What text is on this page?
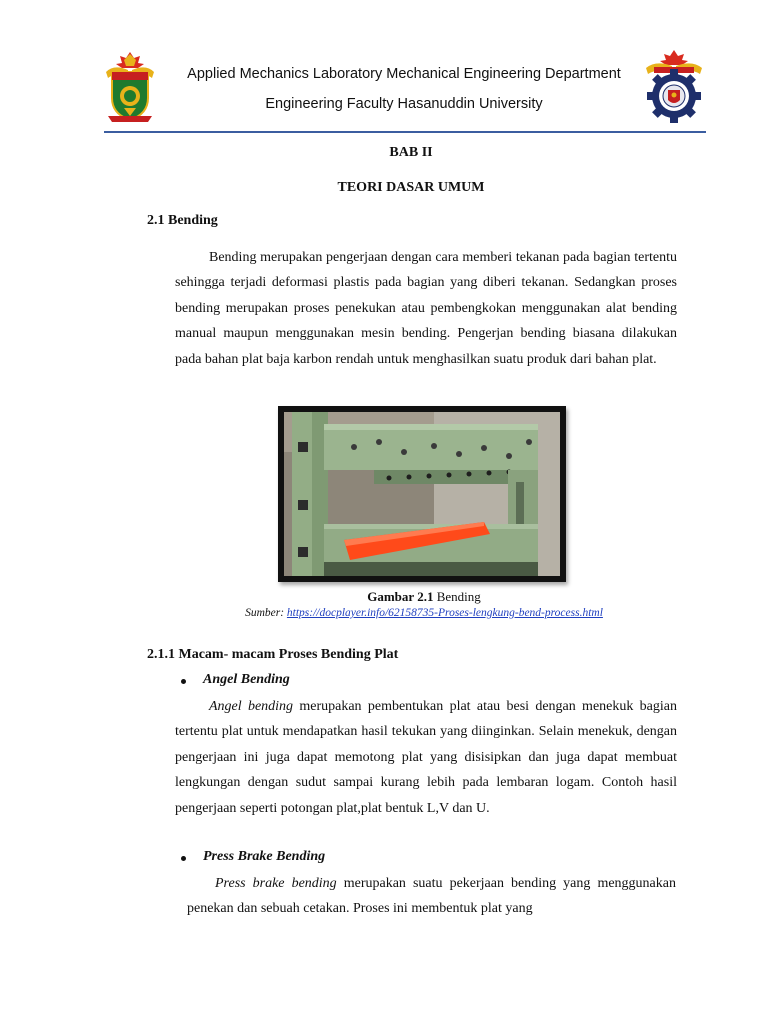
Applied Mechanics Laboratory Mechanical Engineering Department
Engineering Faculty Hasanuddin University
BAB II
TEORI DASAR UMUM
2.1 Bending
Bending merupakan pengerjaan dengan cara memberi tekanan pada bagian tertentu sehingga terjadi deformasi plastis pada bagian yang diberi tekanan. Sedangkan proses bending merupakan proses penekukan atau pembengkokan menggunakan alat bending manual maupun menggunakan mesin bending. Pengerjan bending biasana dilakukan pada bahan plat baja karbon rendah untuk menghasilkan suatu produk dari bahan plat.
Gambar 2.1 Bending
Sumber: https://docplayer.info/62158735-Proses-lengkung-bend-process.html
2.1.1 Macam- macam Proses Bending Plat
Angel Bending
Angel bending merupakan pembentukan plat atau besi dengan menekuk bagian tertentu plat untuk mendapatkan hasil tekukan yang diinginkan. Selain menekuk, dengan pengerjaan ini juga dapat memotong plat yang disisipkan dan juga dapat membuat lengkungan dengan sudut sampai kurang lebih pada lembaran logam. Contoh hasil pengerjaan seperti potongan plat,plat bentuk L,V dan U.
Press Brake Bending
Press brake bending merupakan suatu pekerjaan bending yang menggunakan penekan dan sebuah cetakan. Proses ini membentuk plat yang
